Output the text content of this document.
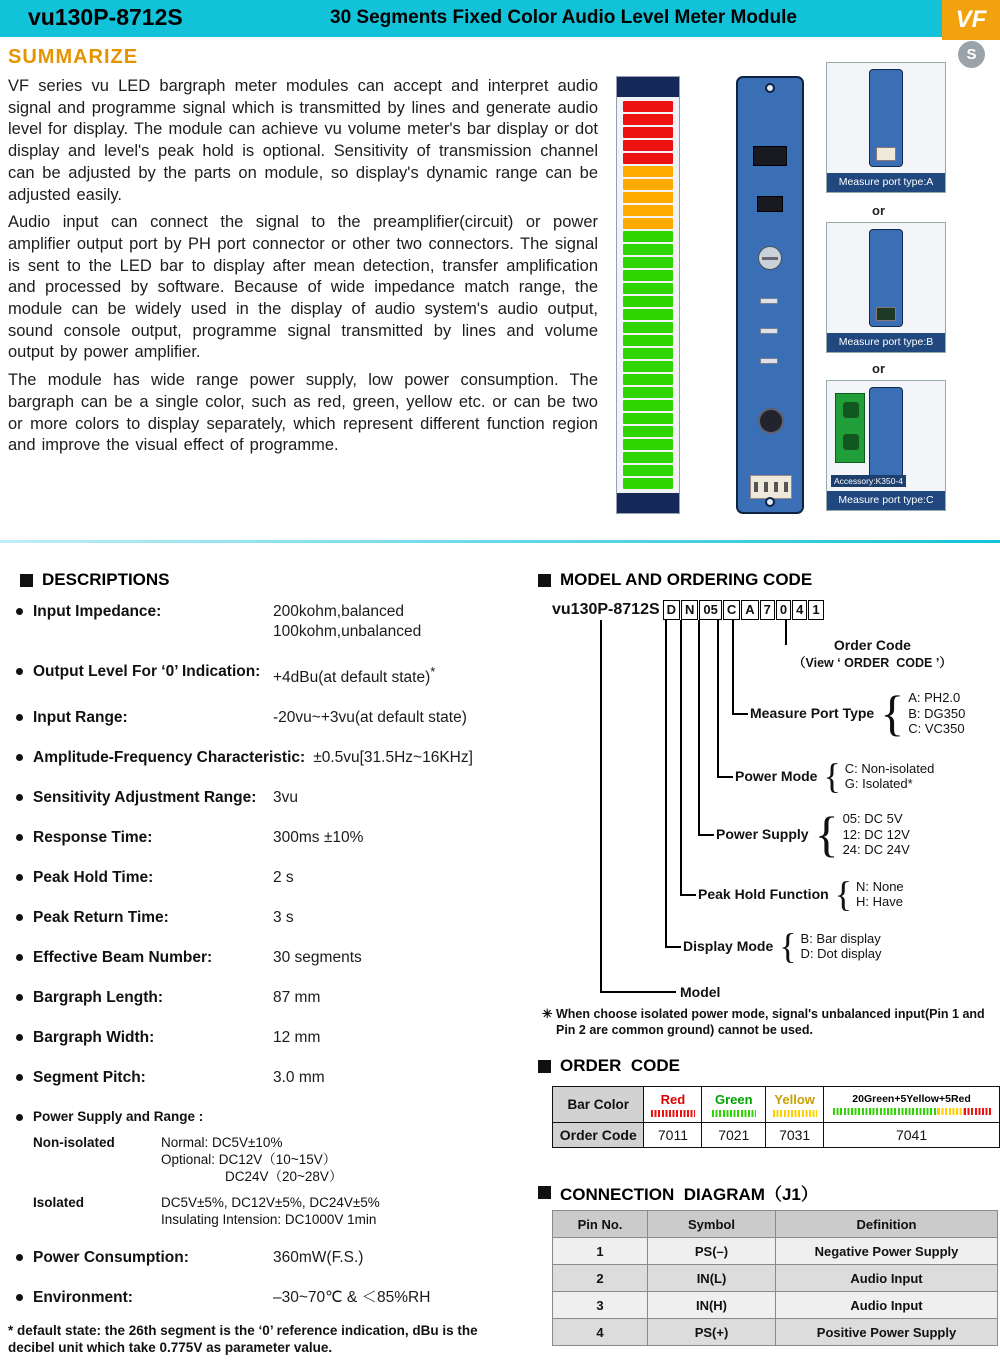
vu130P-8712S	30 Segments Fixed Color Audio Level Meter Module	VF
S
SUMMARIZE

VF series vu LED bargraph meter modules can accept and interpret audio signal and programme signal which is transmitted by lines and generate audio level for display. The module can achieve vu volume meter's bar display or dot display and level's peak hold is optional. Sensitivity of transmission channel can be adjusted by the parts on module, so display's dynamic range can be adjusted easily.

Audio input can connect the signal to the preamplifier(circuit) or power amplifier output port by PH port connector or other two connectors. The signal is sent to the LED bar to display after mean detection, transfer amplification and processed by software. Because of wide impedance match range, the module can be widely used in the display of audio system's audio output, sound console output, programme signal transmitted by lines and volume output by power amplifier.

The module has wide range power supply, low power consumption. The bargraph can be a single color, such as red, green, yellow etc. or can be two or more colors to display separately, which represent different function region and improve the visual effect of programme.

Measure port type:A
or
Measure port type:B
or
Accessory:K350-4
Measure port type:C
DESCRIPTIONS
Input Impedance:	200kohm,balanced
100kohm,unbalanced
Output Level For ‘0’ Indication: +4dBu(at default state)*
Input Range:	-20vu~+3vu(at default state)
Amplitude-Frequency Characteristic: ±0.5vu[31.5Hz~16KHz]
Sensitivity Adjustment Range:	3vu
Response Time:	300ms ±10%
Peak Hold Time:	2 s
Peak Return Time:	3 s
Effective Beam Number:	30 segments
Bargraph Length:	87 mm
Bargraph Width:	12 mm
Segment Pitch:	3.0 mm
Power Supply and Range :
Non-isolated	Normal: DC5V±10%
Optional: DC12V（10~15V）
DC24V（20~28V）
Isolated	DC5V±5%, DC12V±5%, DC24V±5%
Insulating Intension: DC1000V 1min
Power Consumption:	360mW(F.S.)
Environment:	–30~70℃ & ＜85%RH
* default state: the 26th segment is the ‘0’ reference indication, dBu is the decibel unit which take 0.775V as parameter value.
MODEL AND ORDERING CODE
vu130P-8712S D N 05 C A 7 0 4 1
Order Code
（View ‘ ORDER  CODE ’）
Measure Port Type { A: PH2.0
B: DG350
C: VC350
Power Mode { C: Non-isolated
G: Isolated*
Power Supply { 05: DC 5V
12: DC 12V
24: DC 24V
Peak Hold Function { N: None
H: Have
Display Mode { B: Bar display
D: Dot display
Model
✳ When choose isolated power mode, signal's unbalanced input(Pin 1 and Pin 2 are common ground) cannot be used.
ORDER  CODE
Bar Color	Red	Green	Yellow	20Green+5Yellow+5Red

Order Code	7011	7021	7031	7041
CONNECTION  DIAGRAM（J1）
Pin No.	Symbol	Definition
1	PS(–)	Negative Power Supply
2	IN(L)	Audio Input
3	IN(H)	Audio Input
4	PS(+)	Positive Power Supply
